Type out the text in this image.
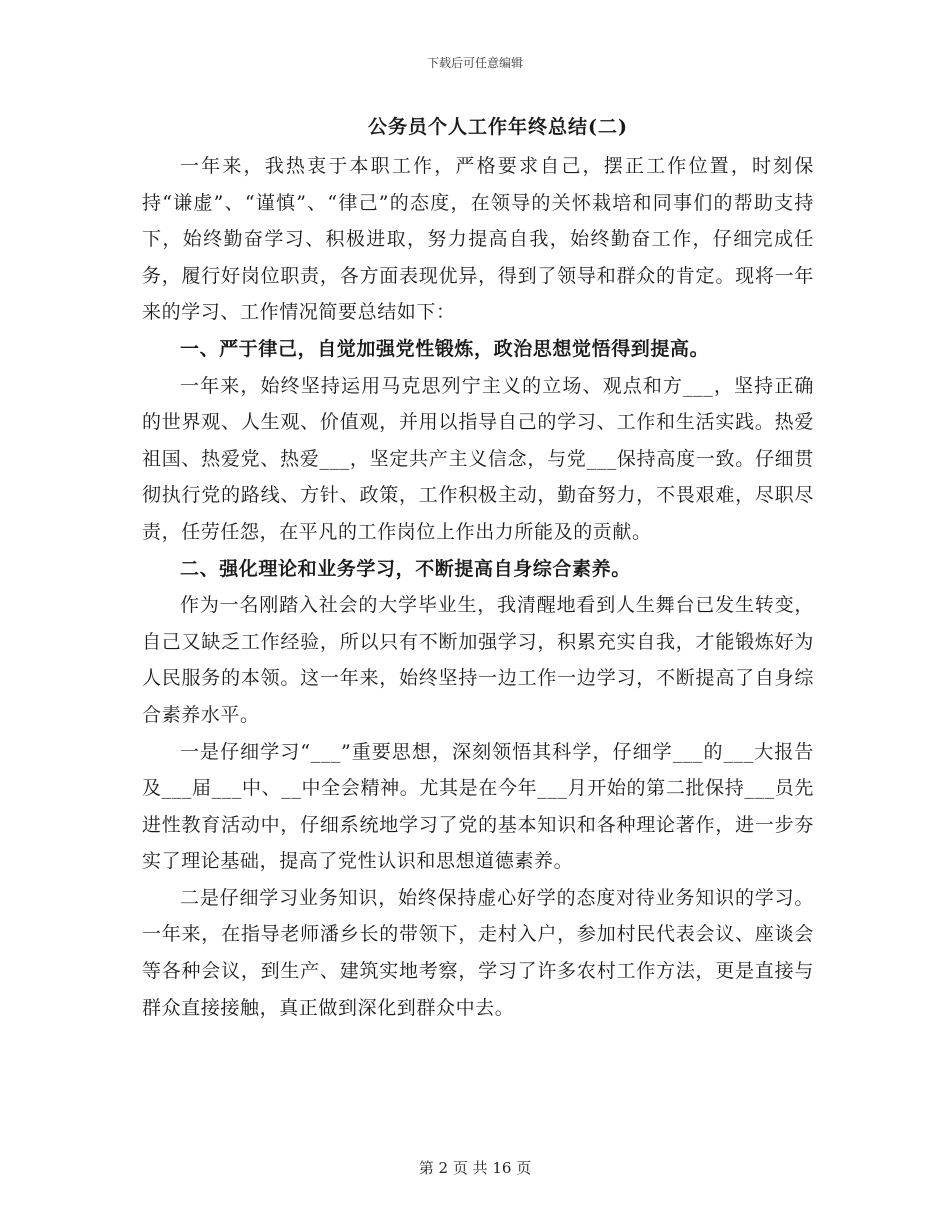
下载后可任意编辑
公务员个人工作年终总结(二)

一年来，我热衷于本职工作，严格要求自己，摆正工作位置，时刻保持“谦虚”、“谨慎”、“律己”的态度，在领导的关怀栽培和同事们的帮助支持下，始终勤奋学习、积极进取，努力提高自我，始终勤奋工作，仔细完成任务，履行好岗位职责，各方面表现优异，得到了领导和群众的肯定。现将一年来的学习、工作情况简要总结如下：

一、严于律己，自觉加强党性锻炼，政治思想觉悟得到提高。

一年来，始终坚持运用马克思列宁主义的立场、观点和方___，坚持正确的世界观、人生观、价值观，并用以指导自己的学习、工作和生活实践。热爱祖国、热爱党、热爱___，坚定共产主义信念，与党___保持高度一致。仔细贯彻执行党的路线、方针、政策，工作积极主动，勤奋努力，不畏艰难，尽职尽责，任劳任怨，在平凡的工作岗位上作出力所能及的贡献。

二、强化理论和业务学习，不断提高自身综合素养。

作为一名刚踏入社会的大学毕业生，我清醒地看到人生舞台已发生转变，自己又缺乏工作经验，所以只有不断加强学习，积累充实自我，才能锻炼好为人民服务的本领。这一年来，始终坚持一边工作一边学习，不断提高了自身综合素养水平。

一是仔细学习“___”重要思想，深刻领悟其科学，仔细学___的___大报告及___届___中、__中全会精神。尤其是在今年___月开始的第二批保持___员先进性教育活动中，仔细系统地学习了党的基本知识和各种理论著作，进一步夯实了理论基础，提高了党性认识和思想道德素养。

二是仔细学习业务知识，始终保持虚心好学的态度对待业务知识的学习。一年来，在指导老师潘乡长的带领下，走村入户，参加村民代表会议、座谈会等各种会议，到生产、建筑实地考察，学习了许多农村工作方法，更是直接与群众直接接触，真正做到深化到群众中去。

第 2 页 共 16 页
